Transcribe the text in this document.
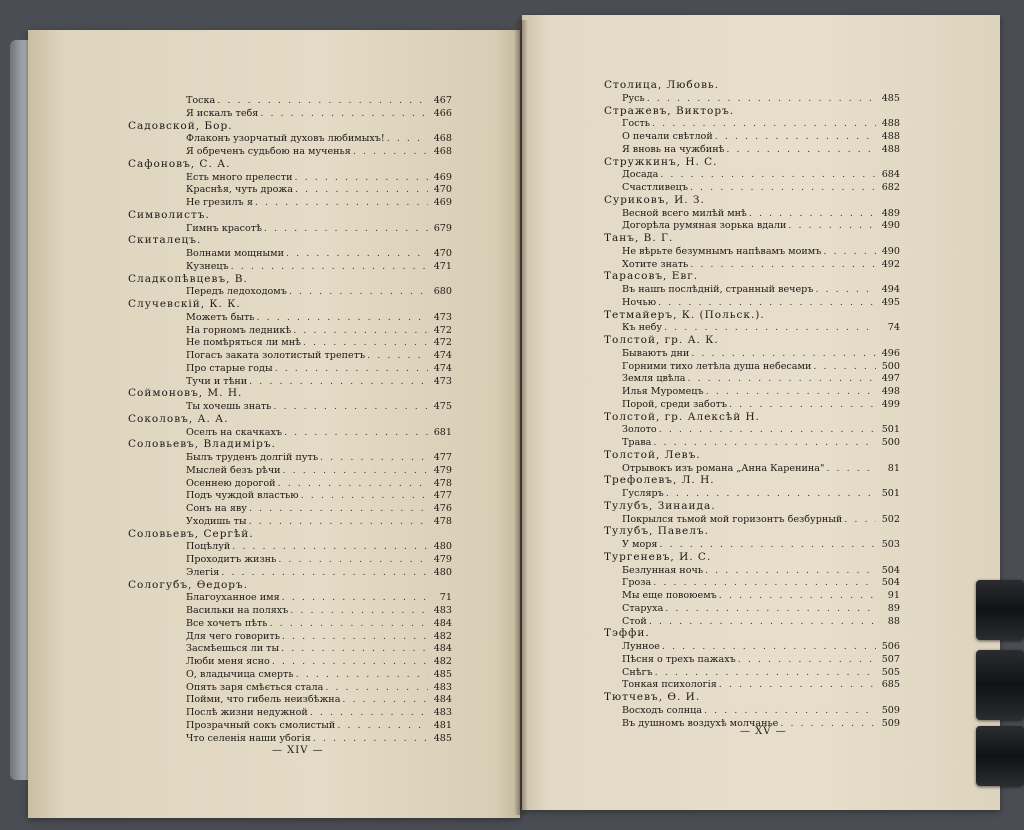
Тоска . . .	467
Я искалъ тебя . . .	466
Садовской, Бор.
Флаконъ узорчатый духовъ любимыхъ! . . .	468
Я обреченъ судьбою на мученья . . .	468
Сафоновъ, С. А.
Есть много прелести . . .	469
Краснѣя, чуть дрожа . . .	470
Не грезилъ я . . .	469
Символистъ.
Гимнъ красотѣ . . .	679
Скиталецъ.
Волнами мощными . . .	470
Кузнецъ . . .	471
Сладкопѣвцевъ, В.
Передъ ледоходомъ . . .	680
Случевскій, К. К.
Можетъ быть . . .	473
На горномъ ледникѣ . . .	472
Не помѣряться ли мнѣ . . .	472
Погасъ заката золотистый трепетъ . . .	474
Про старые годы . . .	474
Тучи и тѣни . . .	473
Соймоновъ, М. Н.
Ты хочешь знать . . .	475
Соколовъ, А. А.
Оселъ на скачкахъ . . .	681
Соловьевъ, Владиміръ.
Былъ труденъ долгій путь . . .	477
Мыслей безъ рѣчи . . .	479
Осеннею дорогой . . .	478
Подъ чуждой властью . . .	477
Сонъ на яву . . .	476
Уходишь ты . . .	478
Соловьевъ, Сергѣй.
Поцѣлуй . . .	480
Проходитъ жизнь . . .	479
Элегія . . .	480
Сологубъ, Ѳедоръ.
Благоуханное имя . . .	71
Васильки на поляхъ . . .	483
Все хочетъ пѣть . . .	484
Для чего говорить . . .	482
Засмѣешься ли ты . . .	484
Люби меня ясно . . .	482
О, владычица смерть . . .	485
Опять заря смѣється стала . . .	483
Пойми, что гибель неизбѣжна . . .	484
Послѣ жизни недужной . . .	483
Прозрачный сокъ смолистый . . .	481
Что селенія наши убогія . . .	485
— XIV —
Столица, Любовь.
Русь . . .	485
Стражевъ, Викторъ.
Гость . . .	488
О печали свѣтлой . . .	488
Я вновь на чужбинѣ . . .	488
Стружкинъ, Н. С.
Досада . . .	684
Счастливецъ . . .	682
Суриковъ, И. З.
Весной всего милѣй мнѣ . . .	489
Догорѣла румяная зорька вдали . . .	490
Танъ, В. Г.
Не вѣрьте безумнымъ напѣвамъ моимъ . . .	490
Хотите знать . . .	492
Тарасовъ, Евг.
Въ нашъ послѣдній, странный вечеръ . . .	494
Ночью . . .	495
Тетмайеръ, К. (Польск.).
Къ небу . . .	74
Толстой, гр. А. К.
Бываютъ дни . . .	496
Горними тихо летѣла душа небесами . . .	500
Земля цвѣла . . .	497
Илья Муромецъ . . .	498
Порой, среди заботъ . . .	499
Толстой, гр. Алексѣй Н.
Золото . . .	501
Трава . . .	500
Толстой, Левъ.
Отрывокъ изъ романа „Анна Каренина" . . .	81
Трефолевъ, Л. Н.
Гусляръ . . .	501
Тулубъ, Зинаида.
Покрылся тьмой мой горизонтъ безбурный . . .	502
Тулубъ, Павелъ.
У моря . . .	503
Тургеневъ, И. С.
Безлунная ночь . . .	504
Гроза . . .	504
Мы еще повоюемъ . . .	91
Старуха . . .	89
Стой . . .	88
Тэффи.
Лунное . . .	506
Пѣсня о трехъ пажахъ . . .	507
Снѣгъ . . .	505
Тонкая психологія . . .	685
Тютчевъ, Ѳ. И.
Восходъ солнца . . .	509
Въ душномъ воздухѣ молчанье . . .	509
— XV —
